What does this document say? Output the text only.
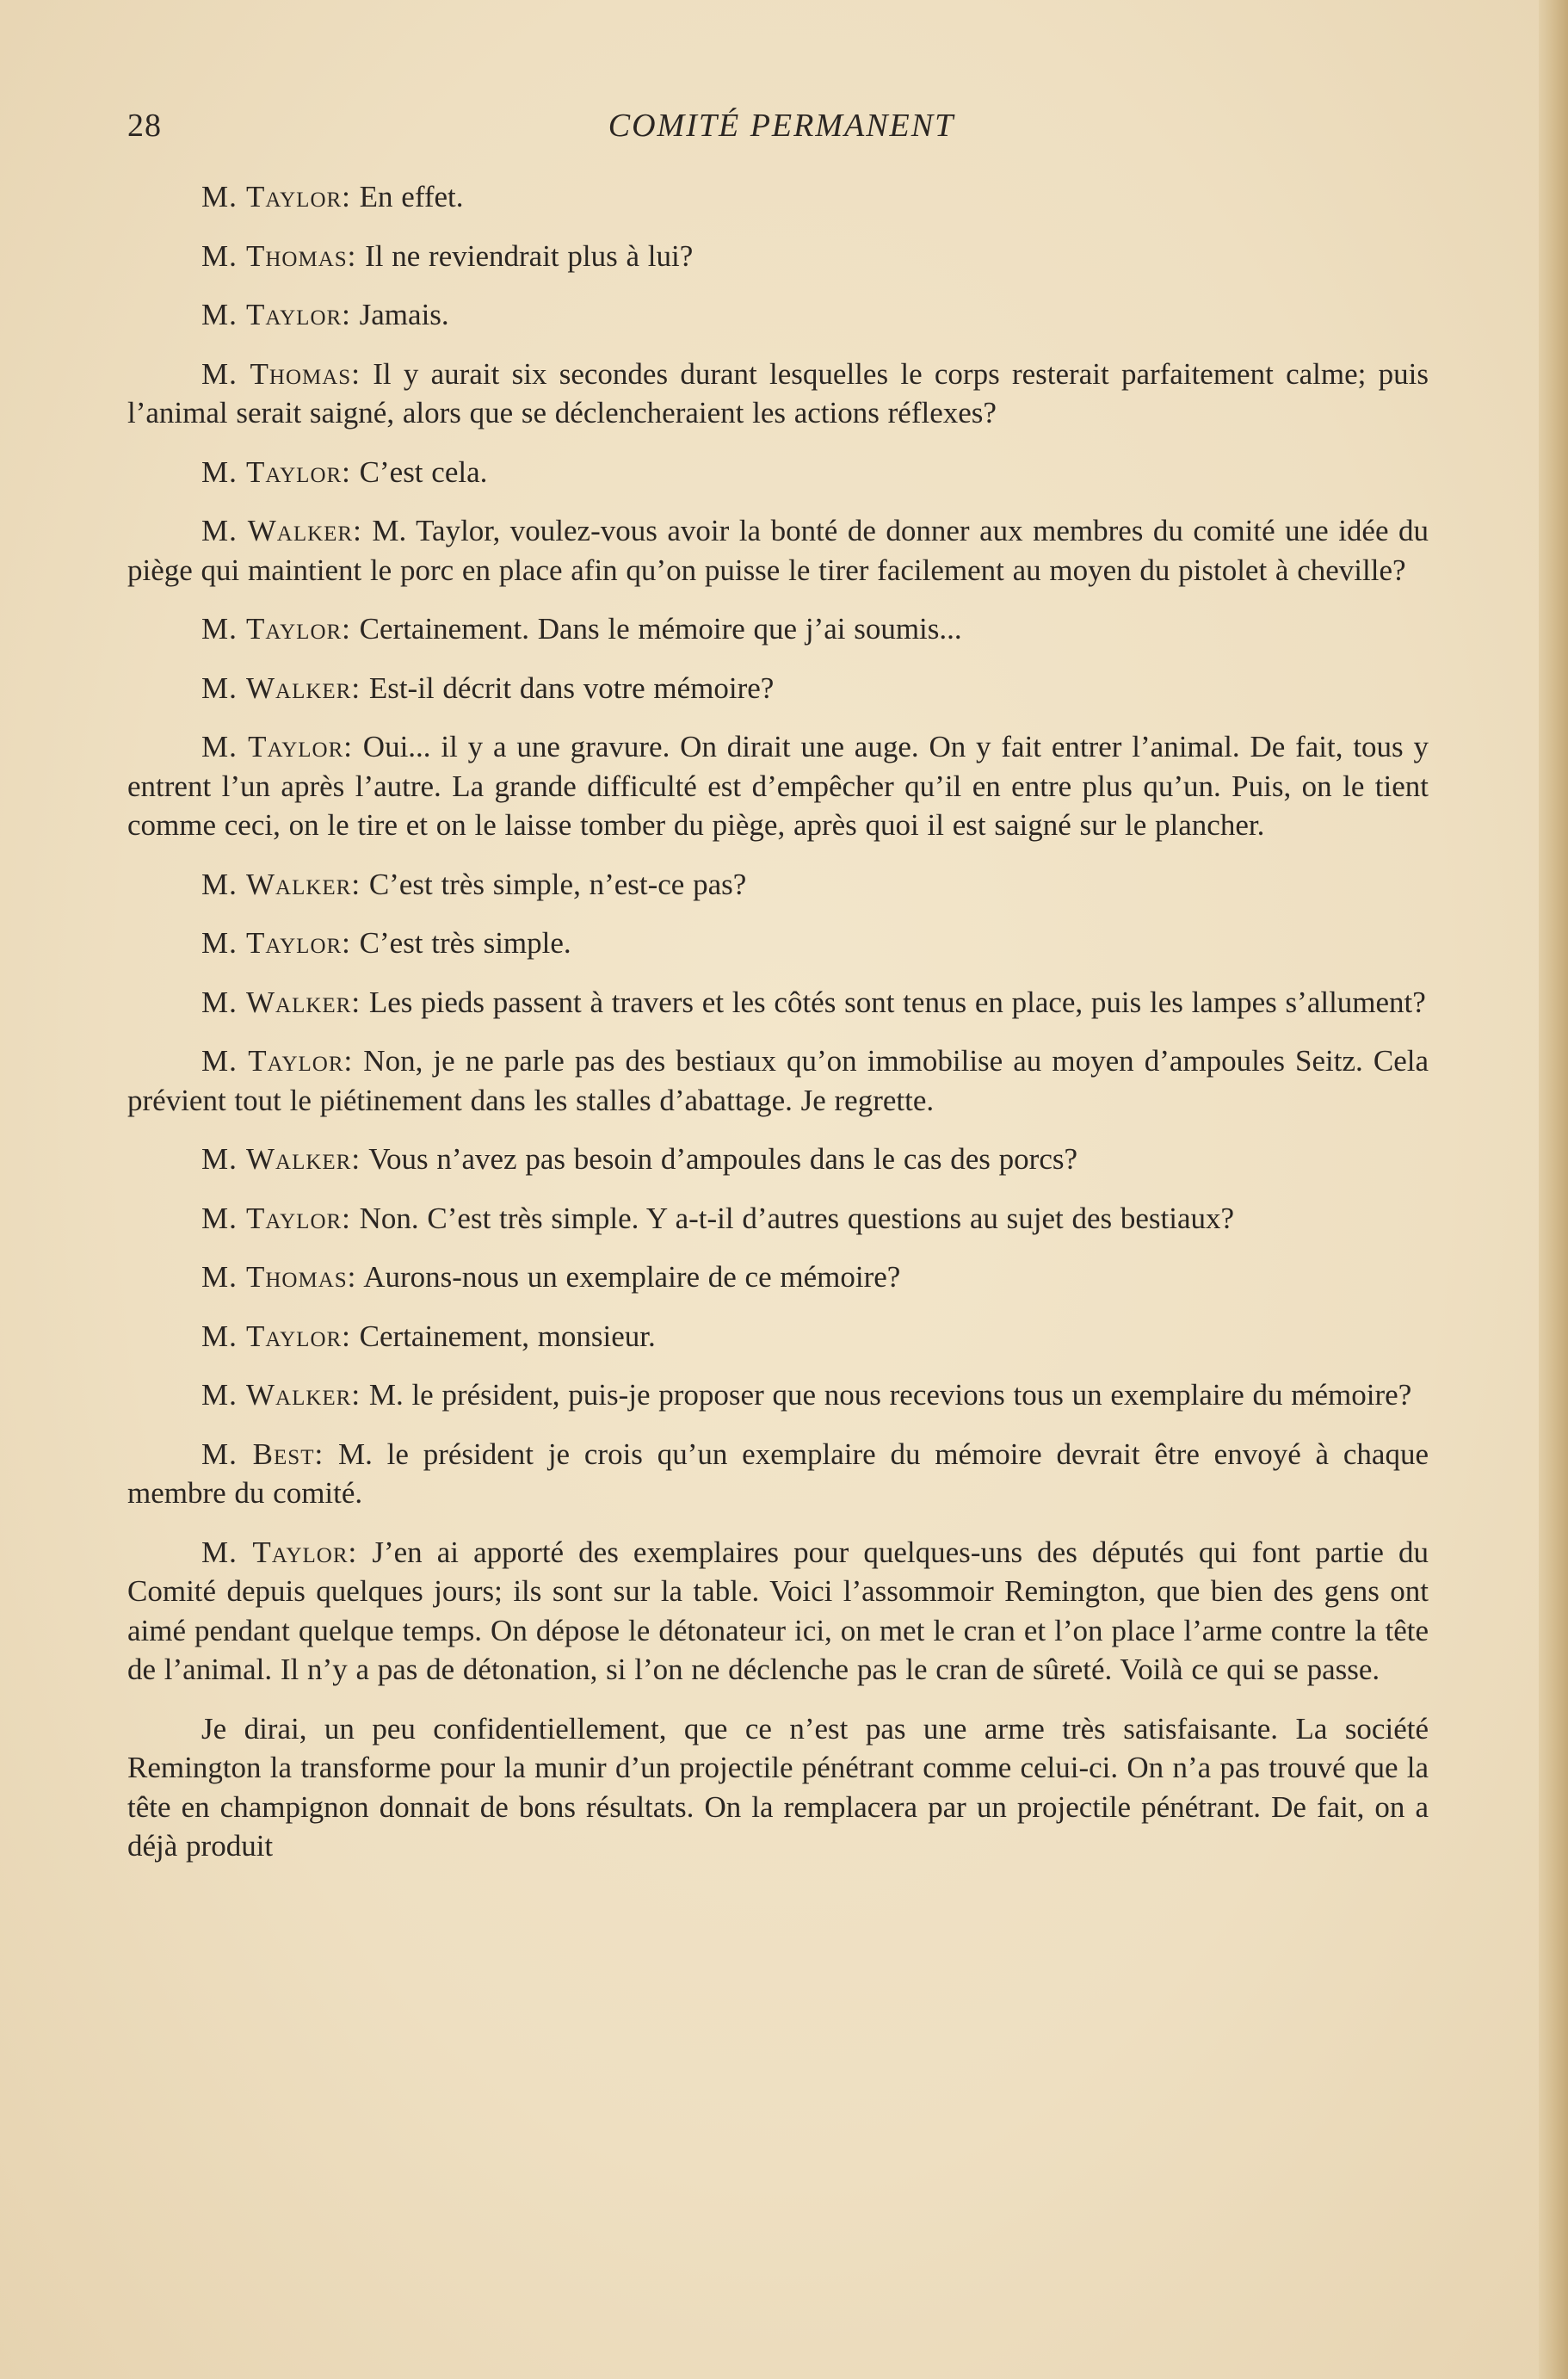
28	COMITÉ PERMANENT

M. Taylor: En effet.

M. Thomas: Il ne reviendrait plus à lui?

M. Taylor: Jamais.

M. Thomas: Il y aurait six secondes durant lesquelles le corps resterait parfaitement calme; puis l’animal serait saigné, alors que se déclencheraient les actions réflexes?

M. Taylor: C’est cela.

M. Walker: M. Taylor, voulez-vous avoir la bonté de donner aux membres du comité une idée du piège qui maintient le porc en place afin qu’on puisse le tirer facilement au moyen du pistolet à cheville?

M. Taylor: Certainement. Dans le mémoire que j’ai soumis...

M. Walker: Est-il décrit dans votre mémoire?

M. Taylor: Oui... il y a une gravure. On dirait une auge. On y fait entrer l’animal. De fait, tous y entrent l’un après l’autre. La grande difficulté est d’empêcher qu’il en entre plus qu’un. Puis, on le tient comme ceci, on le tire et on le laisse tomber du piège, après quoi il est saigné sur le plancher.

M. Walker: C’est très simple, n’est-ce pas?

M. Taylor: C’est très simple.

M. Walker: Les pieds passent à travers et les côtés sont tenus en place, puis les lampes s’allument?

M. Taylor: Non, je ne parle pas des bestiaux qu’on immobilise au moyen d’ampoules Seitz. Cela prévient tout le piétinement dans les stalles d’abattage. Je regrette.

M. Walker: Vous n’avez pas besoin d’ampoules dans le cas des porcs?

M. Taylor: Non. C’est très simple. Y a-t-il d’autres questions au sujet des bestiaux?

M. Thomas: Aurons-nous un exemplaire de ce mémoire?

M. Taylor: Certainement, monsieur.

M. Walker: M. le président, puis-je proposer que nous recevions tous un exemplaire du mémoire?

M. Best: M. le président je crois qu’un exemplaire du mémoire devrait être envoyé à chaque membre du comité.

M. Taylor: J’en ai apporté des exemplaires pour quelques-uns des députés qui font partie du Comité depuis quelques jours; ils sont sur la table. Voici l’assommoir Remington, que bien des gens ont aimé pendant quelque temps. On dépose le détonateur ici, on met le cran et l’on place l’arme contre la tête de l’animal. Il n’y a pas de détonation, si l’on ne déclenche pas le cran de sûreté. Voilà ce qui se passe.

Je dirai, un peu confidentiellement, que ce n’est pas une arme très satisfaisante. La société Remington la transforme pour la munir d’un projectile pénétrant comme celui-ci. On n’a pas trouvé que la tête en champignon donnait de bons résultats. On la remplacera par un projectile pénétrant. De fait, on a déjà produit
